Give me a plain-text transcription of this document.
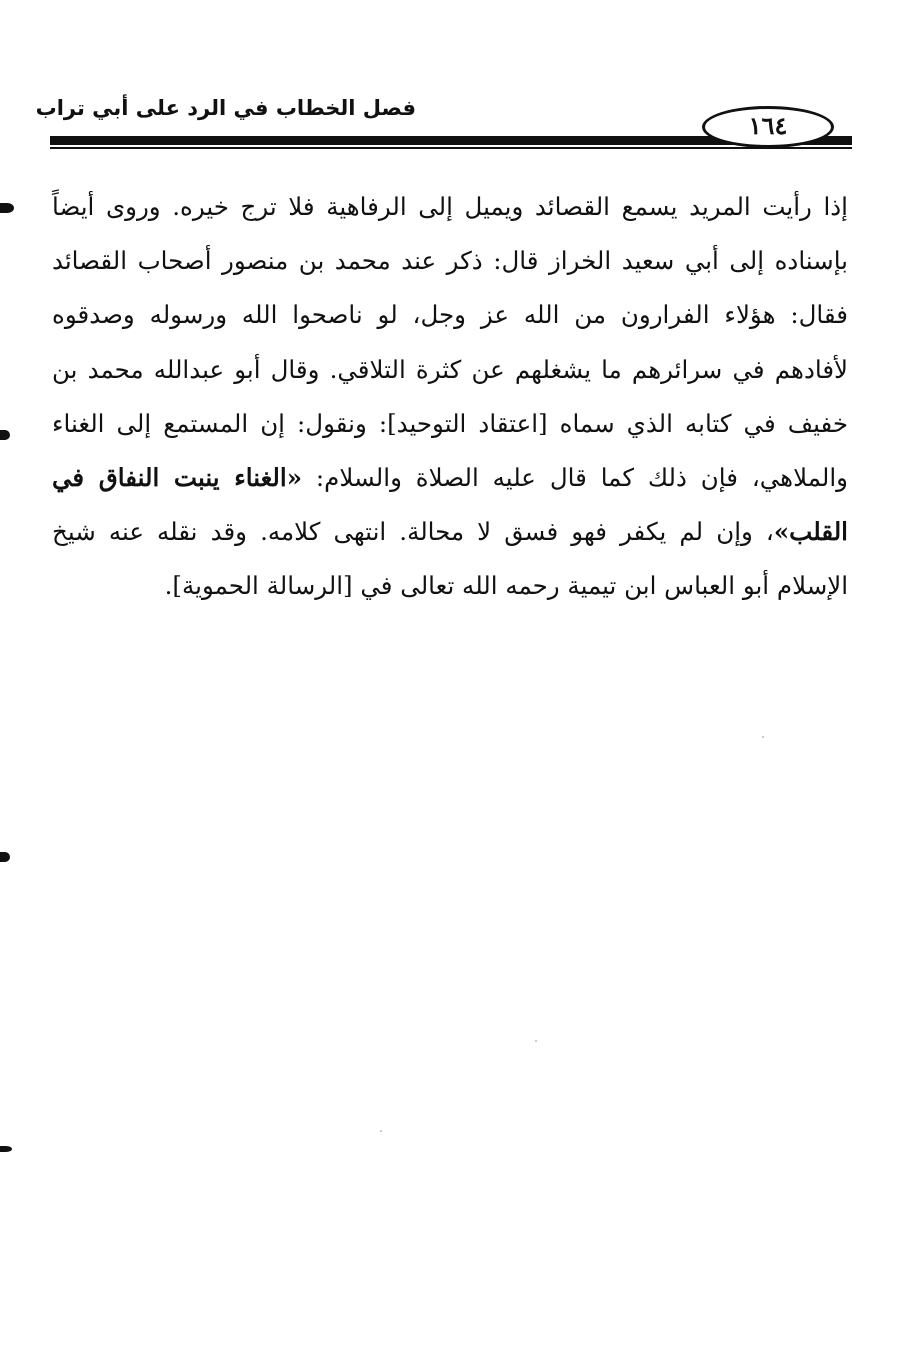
فصل الخطاب في الرد على أبي تراب
١٦٤

إذا رأيت المريد يسمع القصائد ويميل إلى الرفاهية فلا ترج خيره. وروى أيضاً بإسناده إلى أبي سعيد الخراز قال: ذكر عند محمد بن منصور أصحاب القصائد فقال: هؤلاء الفرارون من الله عز وجل، لو ناصحوا الله ورسوله وصدقوه لأفادهم في سرائرهم ما يشغلهم عن كثرة التلاقي. وقال أبو عبدالله محمد بن خفيف في كتابه الذي سماه [اعتقاد التوحيد]: ونقول: إن المستمع إلى الغناء والملاهي، فإن ذلك كما قال عليه الصلاة والسلام: «الغناء ينبت النفاق في القلب»، وإن لم يكفر فهو فسق لا محالة. انتهى كلامه. وقد نقله عنه شيخ الإسلام أبو العباس ابن تيمية رحمه الله تعالى في [الرسالة الحموية].
